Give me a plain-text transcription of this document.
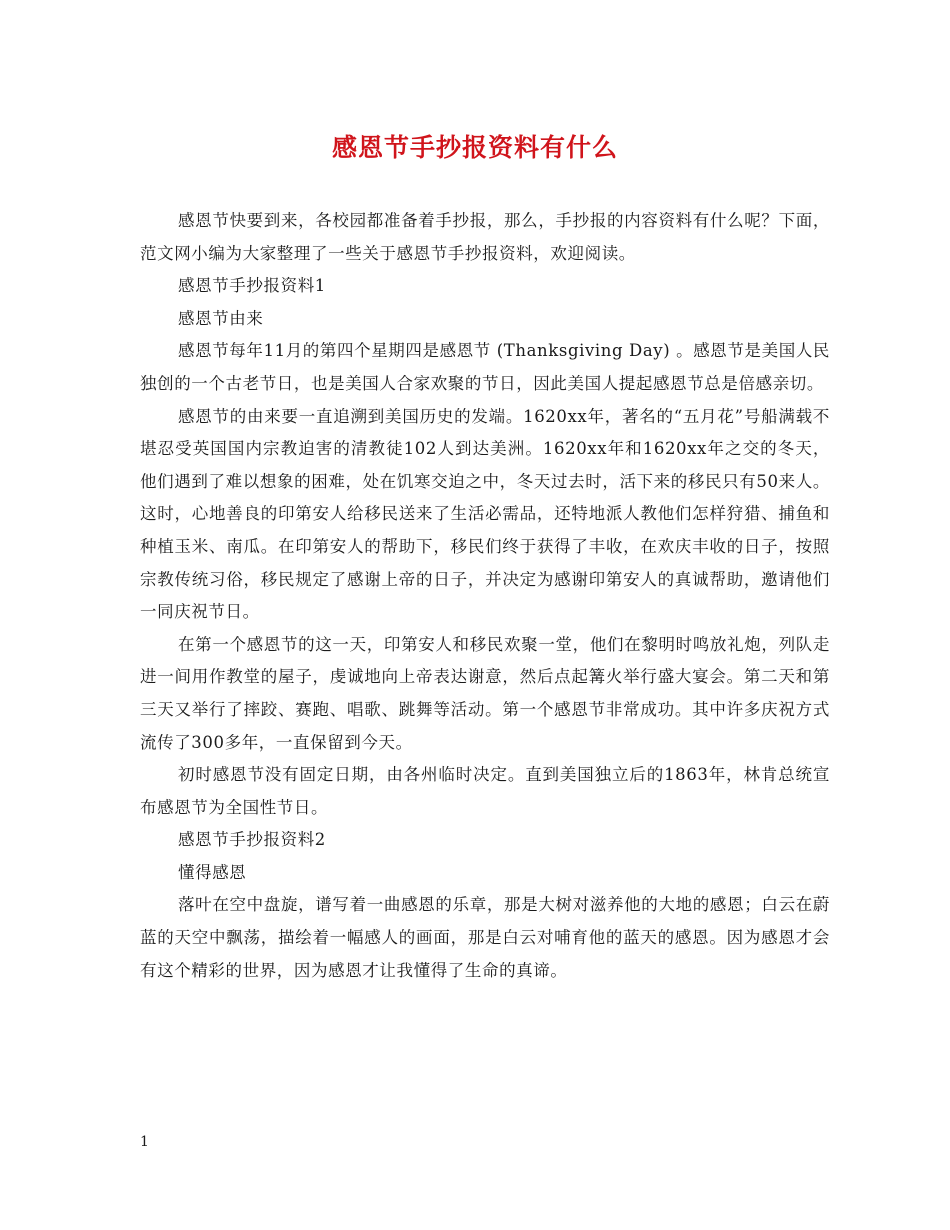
感恩节手抄报资料有什么

感恩节快要到来，各校园都准备着手抄报，那么，手抄报的内容资料有什么呢？下面，范文网小编为大家整理了一些关于感恩节手抄报资料，欢迎阅读。

感恩节手抄报资料1

感恩节由来

感恩节每年11月的第四个星期四是感恩节 (Thanksgiving Day) 。感恩节是美国人民独创的一个古老节日，也是美国人合家欢聚的节日，因此美国人提起感恩节总是倍感亲切。

感恩节的由来要一直追溯到美国历史的发端。1620xx年，著名的“五月花”号船满载不堪忍受英国国内宗教迫害的清教徒102人到达美洲。1620xx年和1620xx年之交的冬天，他们遇到了难以想象的困难，处在饥寒交迫之中，冬天过去时，活下来的移民只有50来人。这时，心地善良的印第安人给移民送来了生活必需品，还特地派人教他们怎样狩猎、捕鱼和种植玉米、南瓜。在印第安人的帮助下，移民们终于获得了丰收，在欢庆丰收的日子，按照宗教传统习俗，移民规定了感谢上帝的日子，并决定为感谢印第安人的真诚帮助，邀请他们一同庆祝节日。

在第一个感恩节的这一天，印第安人和移民欢聚一堂，他们在黎明时鸣放礼炮，列队走进一间用作教堂的屋子，虔诚地向上帝表达谢意，然后点起篝火举行盛大宴会。第二天和第三天又举行了摔跤、赛跑、唱歌、跳舞等活动。第一个感恩节非常成功。其中许多庆祝方式流传了300多年，一直保留到今天。

初时感恩节没有固定日期，由各州临时决定。直到美国独立后的1863年，林肯总统宣布感恩节为全国性节日。

感恩节手抄报资料2

懂得感恩

落叶在空中盘旋，谱写着一曲感恩的乐章，那是大树对滋养他的大地的感恩；白云在蔚蓝的天空中飘荡，描绘着一幅感人的画面，那是白云对哺育他的蓝天的感恩。因为感恩才会有这个精彩的世界，因为感恩才让我懂得了生命的真谛。

1
